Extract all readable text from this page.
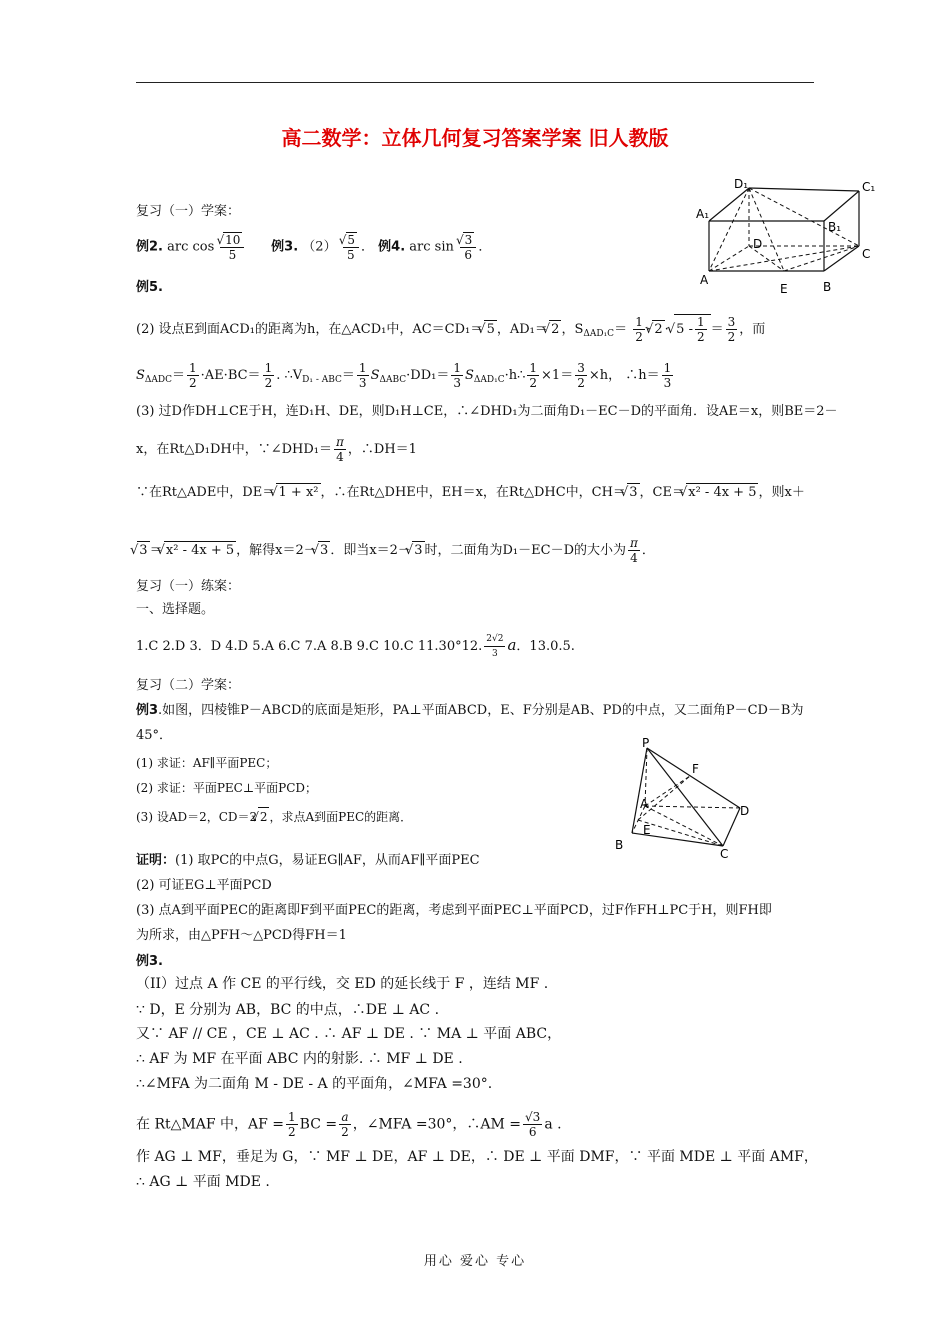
高二数学：立体几何复习答案学案 旧人教版
D₁	C₁
A₁
B₁
D
C
A
E	B
复习（一）学案：
例2. arc cos √ $\frac{10}{5}$ 例3. （2） √ $\frac{5}{5}$ ． 例4. arc sin √ $\frac{3}{6}$ ．
例5.
(2) 设点E到面ACD₁的距离为h，在△ACD₁中，AC＝CD₁＝ √ 5 ，AD₁＝ √ 2 ，$S_{\Delta AD_1C}= \frac{1}{2}$ · √ 2 · √ $5 - \frac{1}{2} = \frac{3}{2}$ ，而
$S_{\Delta ADC}= \frac{1}{2} \cdot AE\cdot BC= \frac{1}{2}$ . $\therefore V_{D_1 - ABC}= \frac{1}{3} S_{\Delta ABC}\cdot DD_1= \frac{1}{3}$ $S_{\Delta AD_1C}\cdot h\therefore \frac{1}{2} \times 1= \frac{3}{2} \times h$， ∴h＝ $\frac{1}{3}$
(3) 过D作DH⊥CE于H，连D₁H、DE，则D₁H⊥CE，∴∠DHD₁为二面角D₁－EC－D的平面角．设AE＝x，则BE＝2－
x，在Rt△D₁DH中，∵∠DHD₁＝ $\frac{\pi}{4}$ ，∴DH＝1
∵在Rt△ADE中，DE＝ √ 1 + x² ，∴在Rt△DHE中，EH＝x，在Rt△DHC中，CH＝ √ 3 ，CE＝ √ x² - 4x + 5 ，则x＋
√ 3 ＝ √ x² - 4x + 5 ，解得x＝2－ √ 3 ．即当x＝2－ √ 3 时，二面角为D₁－EC－D的大小为 $\frac{\pi}{4}$ ．
复习（一）练案：
一、选择题。
1.C 2.D 3．D 4.D 5.A 6.C 7.A 8.B 9.C 10.C 11.30°12. $\frac{2√2}{3}$ a．13.0.5.
复习（二）学案：
例3.如图，四棱锥P－ABCD的底面是矩形，PA⊥平面ABCD，E、F分别是AB、PD的中点，又二面角P－CD－B为
45°．
(1) 求证：AF∥平面PEC；
(2) 求证：平面PEC⊥平面PCD；
(3) 设AD＝2，CD＝2 √ 2 ，求点A到面PEC的距离．
P
F
A
E
D
B
C
证明：(1) 取PC的中点G，易证EG∥AF，从而AF∥平面PEC
(2) 可证EG⊥平面PCD
(3) 点A到平面PEC的距离即F到平面PEC的距离，考虑到平面PEC⊥平面PCD，过F作FH⊥PC于H，则FH即
为所求，由△PFH～△PCD得FH＝1
例3.
（II）过点 A 作 CE 的平行线，交 ED 的延长线于 F ，连结 MF .
∵ D，E 分别为 AB，BC 的中点，∴DE ⊥ AC .
又∵ AF // CE ，CE ⊥ AC . ∴ AF ⊥ DE . ∵ MA ⊥ 平面 ABC，
∴ AF 为 MF 在平面 ABC 内的射影. ∴ MF ⊥ DE .
∴∠MFA 为二面角 M - DE - A 的平面角，∠MFA =30°.
在 Rt△MAF 中，AF = $\frac{1}{2}$ BC = $\frac{a}{2}$ ，∠MFA =30°，∴AM = $\frac{√3}{6}$ a .
作 AG ⊥ MF，垂足为 G，∵ MF ⊥ DE，AF ⊥ DE，∴ DE ⊥ 平面 DMF，∵ 平面 MDE ⊥ 平面 AMF，
∴ AG ⊥ 平面 MDE .
用心 爱心 专心
